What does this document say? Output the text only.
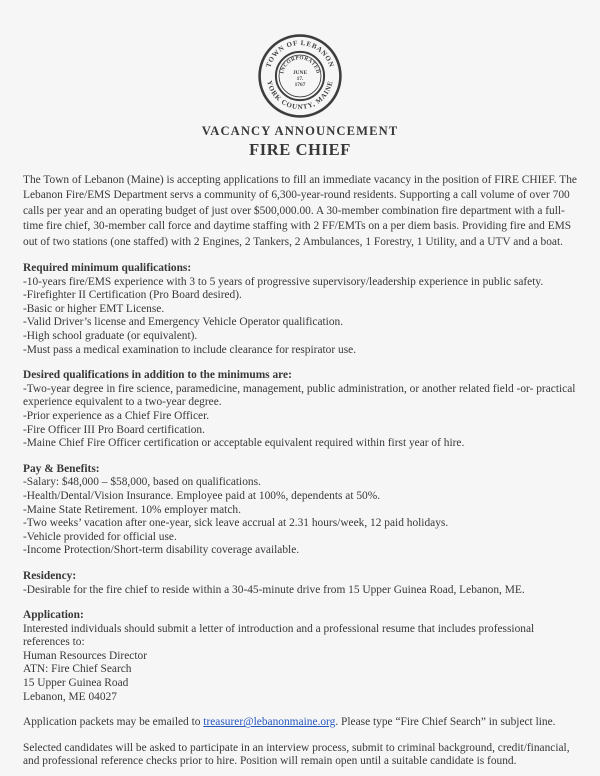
TOWN OF LEBANON
YORK COUNTY, MAINE
INCORPORATED
JUNE
17.
1767
VACANCY ANNOUNCEMENT
FIRE CHIEF

The Town of Lebanon (Maine) is accepting applications to fill an immediate vacancy in the position of FIRE CHIEF. The Lebanon Fire/EMS Department servs a community of 6,300-year-round residents. Supporting a call volume of over 700 calls per year and an operating budget of just over $500,000.00. A 30-member combination fire department with a full-time fire chief, 30-member call force and daytime staffing with 2 FF/EMTs on a per diem basis. Providing fire and EMS out of two stations (one staffed) with 2 Engines, 2 Tankers, 2 Ambulances, 1 Forestry, 1 Utility, and a UTV and a boat.

Required minimum qualifications:

-10-years fire/EMS experience with 3 to 5 years of progressive supervisory/leadership experience in public safety.

-Firefighter II Certification (Pro Board desired).

-Basic or higher EMT License.

-Valid Driver’s license and Emergency Vehicle Operator qualification.

-High school graduate (or equivalent).

-Must pass a medical examination to include clearance for respirator use.

Desired qualifications in addition to the minimums are:

-Two-year degree in fire science, paramedicine, management, public administration, or another related field -or- practical experience equivalent to a two-year degree.

-Prior experience as a Chief Fire Officer.

-Fire Officer III Pro Board certification.

-Maine Chief Fire Officer certification or acceptable equivalent required within first year of hire.

Pay & Benefits:

-Salary: $48,000 – $58,000, based on qualifications.

-Health/Dental/Vision Insurance. Employee paid at 100%, dependents at 50%.

-Maine State Retirement. 10% employer match.

-Two weeks’ vacation after one-year, sick leave accrual at 2.31 hours/week, 12 paid holidays.

-Vehicle provided for official use.

-Income Protection/Short-term disability coverage available.

Residency:

-Desirable for the fire chief to reside within a 30-45-minute drive from 15 Upper Guinea Road, Lebanon, ME.

Application:

Interested individuals should submit a letter of introduction and a professional resume that includes professional references to:

Human Resources Director

ATN: Fire Chief Search

15 Upper Guinea Road

Lebanon, ME 04027

Application packets may be emailed to treasurer@lebanonmaine.org. Please type “Fire Chief Search” in subject line.

Selected candidates will be asked to participate in an interview process, submit to criminal background, credit/financial, and professional reference checks prior to hire. Position will remain open until a suitable candidate is found.
